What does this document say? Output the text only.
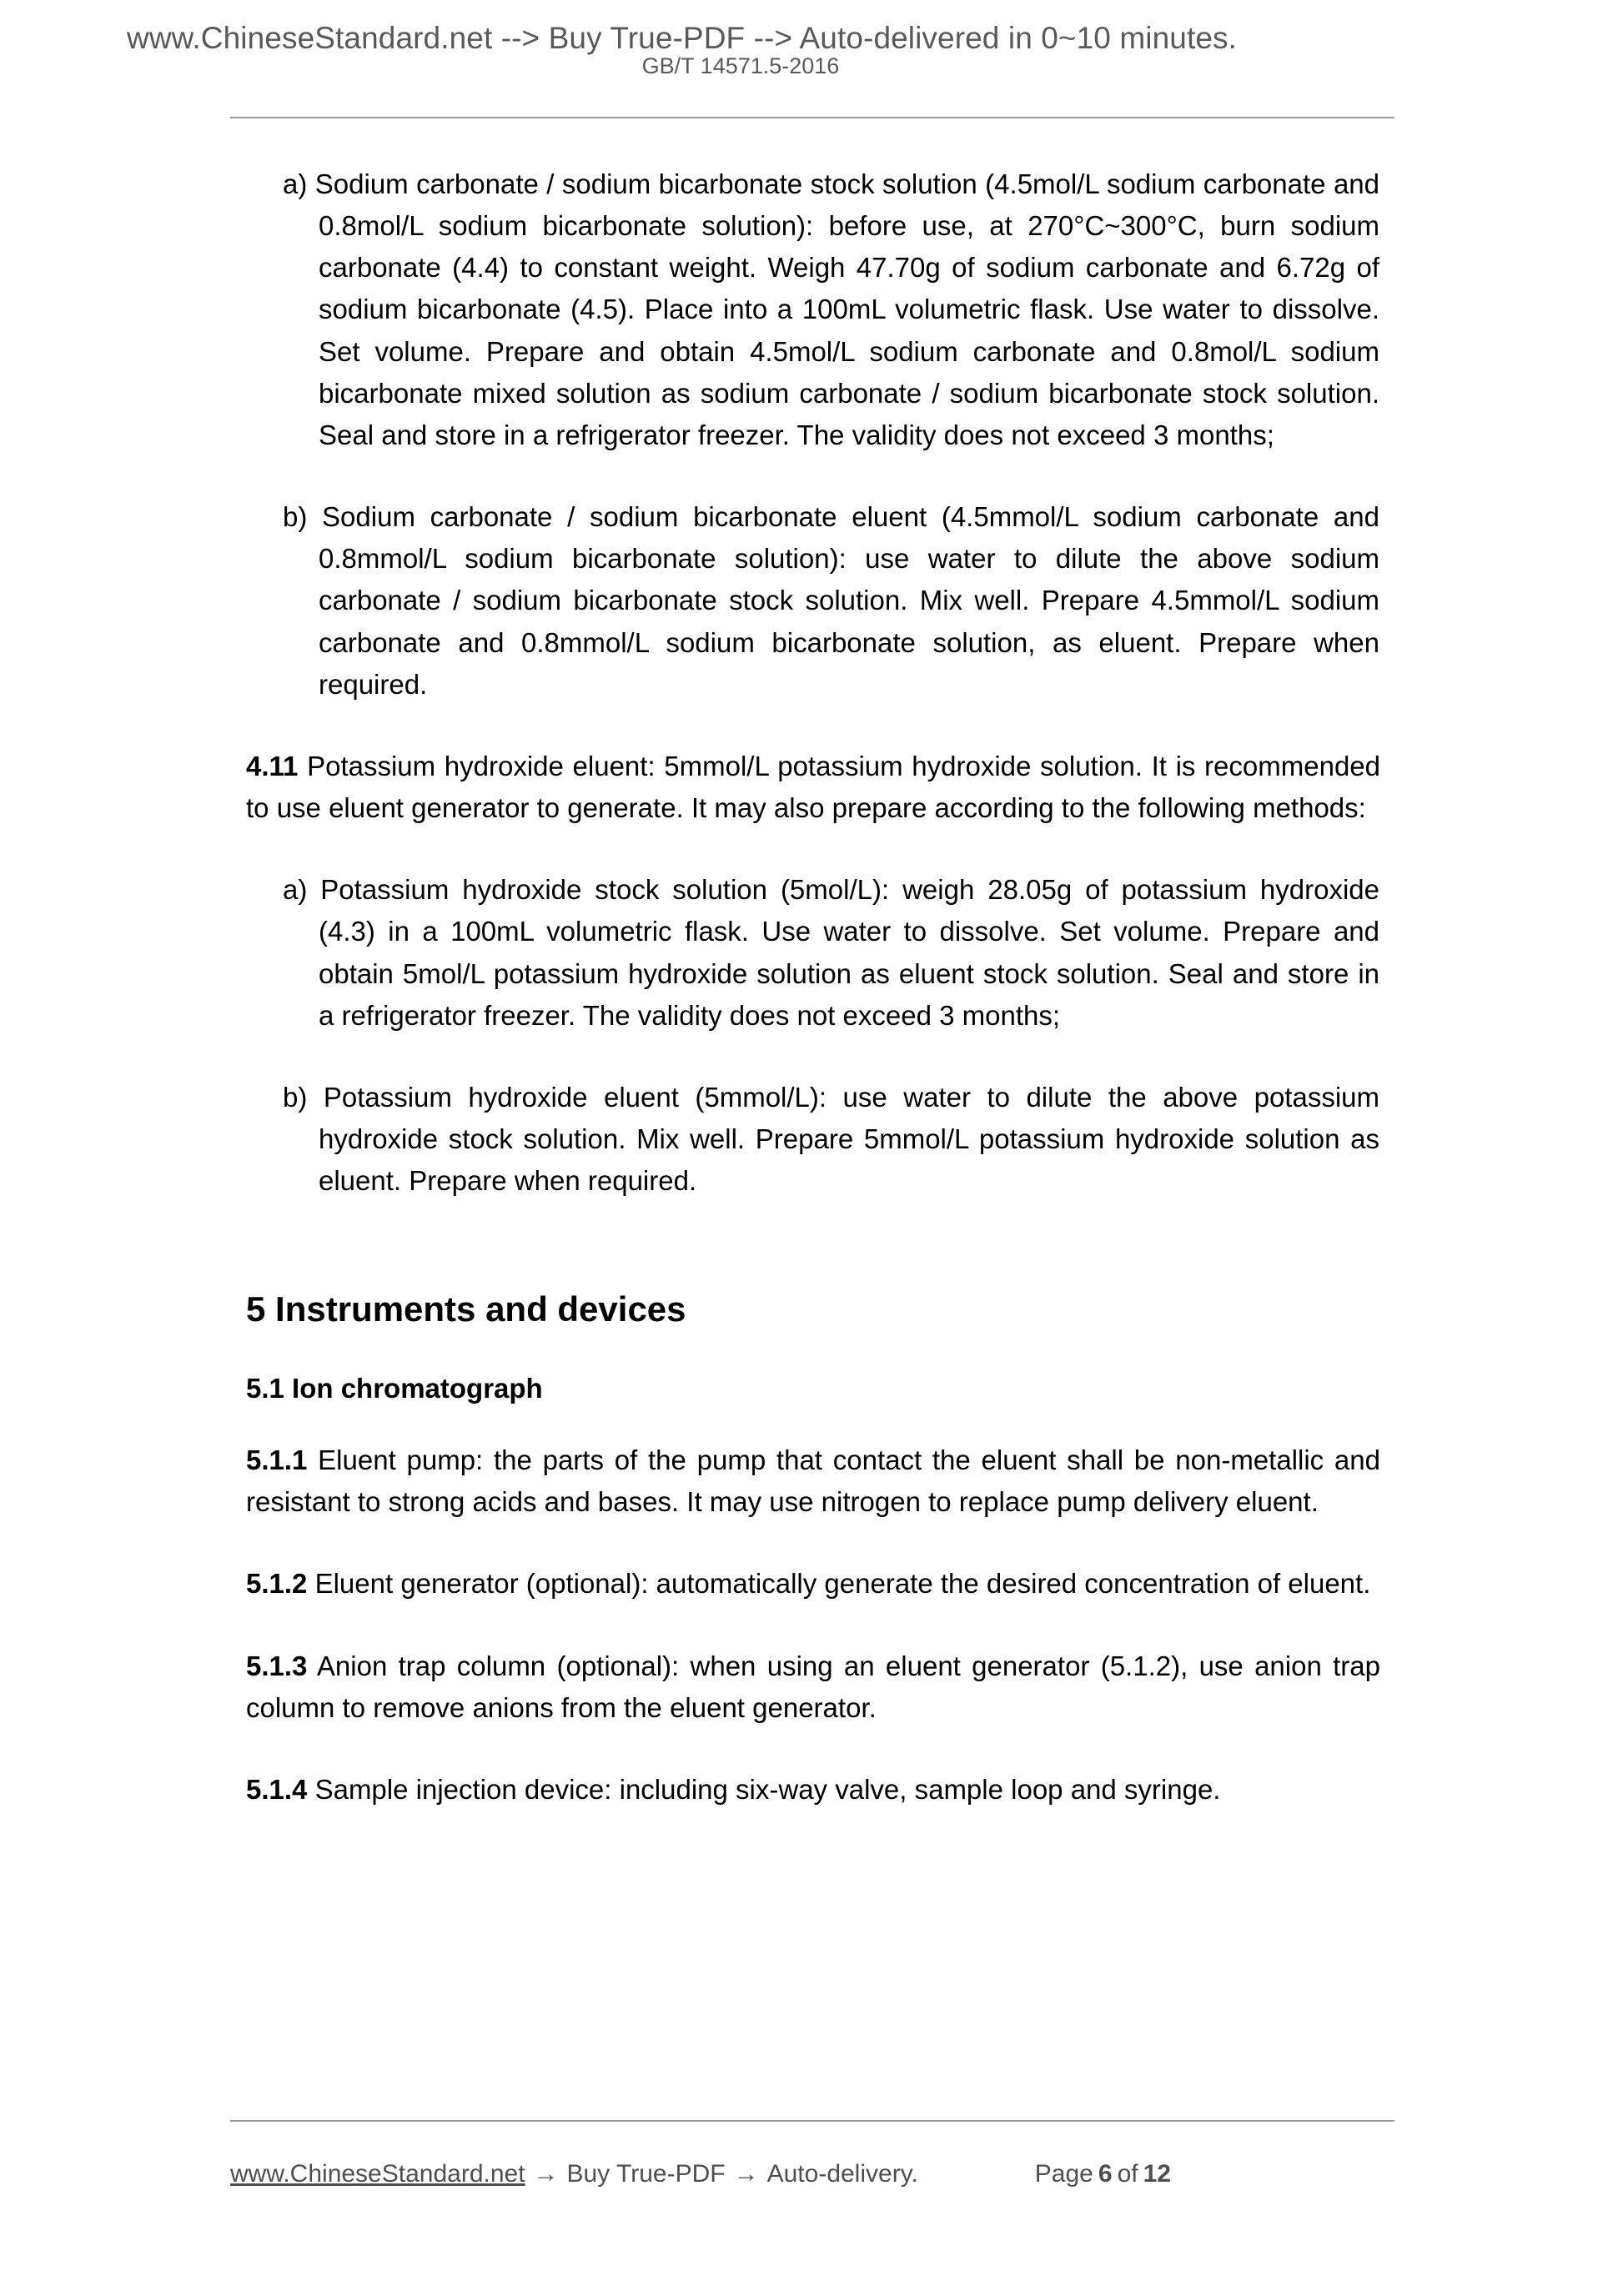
www.ChineseStandard.net --> Buy True-PDF --> Auto-delivered in 0~10 minutes.
GB/T 14571.5-2016
a) Sodium carbonate / sodium bicarbonate stock solution (4.5mol/L sodium carbonate and 0.8mol/L sodium bicarbonate solution): before use, at 270°C~300°C, burn sodium carbonate (4.4) to constant weight. Weigh 47.70g of sodium carbonate and 6.72g of sodium bicarbonate (4.5). Place into a 100mL volumetric flask. Use water to dissolve. Set volume. Prepare and obtain 4.5mol/L sodium carbonate and 0.8mol/L sodium bicarbonate mixed solution as sodium carbonate / sodium bicarbonate stock solution. Seal and store in a refrigerator freezer. The validity does not exceed 3 months;
b) Sodium carbonate / sodium bicarbonate eluent (4.5mmol/L sodium carbonate and 0.8mmol/L sodium bicarbonate solution): use water to dilute the above sodium carbonate / sodium bicarbonate stock solution. Mix well. Prepare 4.5mmol/L sodium carbonate and 0.8mmol/L sodium bicarbonate solution, as eluent. Prepare when required.

4.11 Potassium hydroxide eluent: 5mmol/L potassium hydroxide solution. It is recommended to use eluent generator to generate. It may also prepare according to the following methods:

a) Potassium hydroxide stock solution (5mol/L): weigh 28.05g of potassium hydroxide (4.3) in a 100mL volumetric flask. Use water to dissolve. Set volume. Prepare and obtain 5mol/L potassium hydroxide solution as eluent stock solution. Seal and store in a refrigerator freezer. The validity does not exceed 3 months;
b) Potassium hydroxide eluent (5mmol/L): use water to dilute the above potassium hydroxide stock solution. Mix well. Prepare 5mmol/L potassium hydroxide solution as eluent. Prepare when required.
5 Instruments and devices
5.1 Ion chromatograph

5.1.1 Eluent pump: the parts of the pump that contact the eluent shall be non-metallic and resistant to strong acids and bases. It may use nitrogen to replace pump delivery eluent.

5.1.2 Eluent generator (optional): automatically generate the desired concentration of eluent.

5.1.3 Anion trap column (optional): when using an eluent generator (5.1.2), use anion trap column to remove anions from the eluent generator.

5.1.4 Sample injection device: including six-way valve, sample loop and syringe.

www.ChineseStandard.net → Buy True-PDF → Auto-delivery.	Page 6 of 12
